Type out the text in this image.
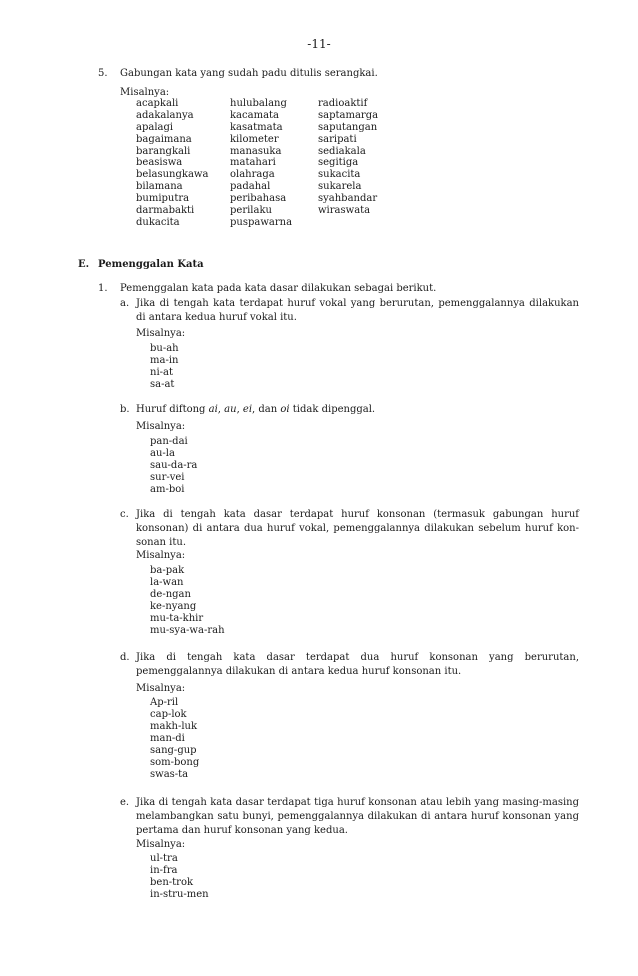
-11-
5. Gabungan kata yang sudah padu ditulis serangkai.
Misalnya:
acapkali
adakalanya
apalagi
bagaimana
barangkali
beasiswa
belasungkawa
bilamana
bumiputra
darmabakti
dukacita
hulubalang
kacamata
kasatmata
kilometer
manasuka
matahari
olahraga
padahal
peribahasa
perilaku
puspawarna
radioaktif
saptamarga
saputangan
saripati
sediakala
segitiga
sukacita
sukarela
syahbandar
wiraswata
E. Pemenggalan Kata
1. Pemenggalan kata pada kata dasar dilakukan sebagai berikut.
a. Jika di tengah kata terdapat huruf vokal yang berurutan, pemenggalannya dilakukan di antara kedua huruf vokal itu.
Misalnya:
bu-ah
ma-in
ni-at
sa-at
b. Huruf diftong ai, au, ei, dan oi tidak dipenggal.
Misalnya:
pan-dai
au-la
sau-da-ra
sur-vei
am-boi
c. Jika di tengah kata dasar terdapat huruf konsonan (termasuk gabungan huruf konsonan) di antara dua huruf vokal, pemenggalannya dilakukan sebelum huruf kon-sonan itu.
Misalnya:
ba-pak
la-wan
de-ngan
ke-nyang
mu-ta-khir
mu-sya-wa-rah
d. Jika di tengah kata dasar terdapat dua huruf konsonan yang berurutan, pemenggalannya dilakukan di antara kedua huruf konsonan itu.
Misalnya:
Ap-ril
cap-lok
makh-luk
man-di
sang-gup
som-bong
swas-ta
e. Jika di tengah kata dasar terdapat tiga huruf konsonan atau lebih yang masing-masing melambangkan satu bunyi, pemenggalannya dilakukan di antara huruf konsonan yang pertama dan huruf konsonan yang kedua.
Misalnya:
ul-tra
in-fra
ben-trok
in-stru-men
